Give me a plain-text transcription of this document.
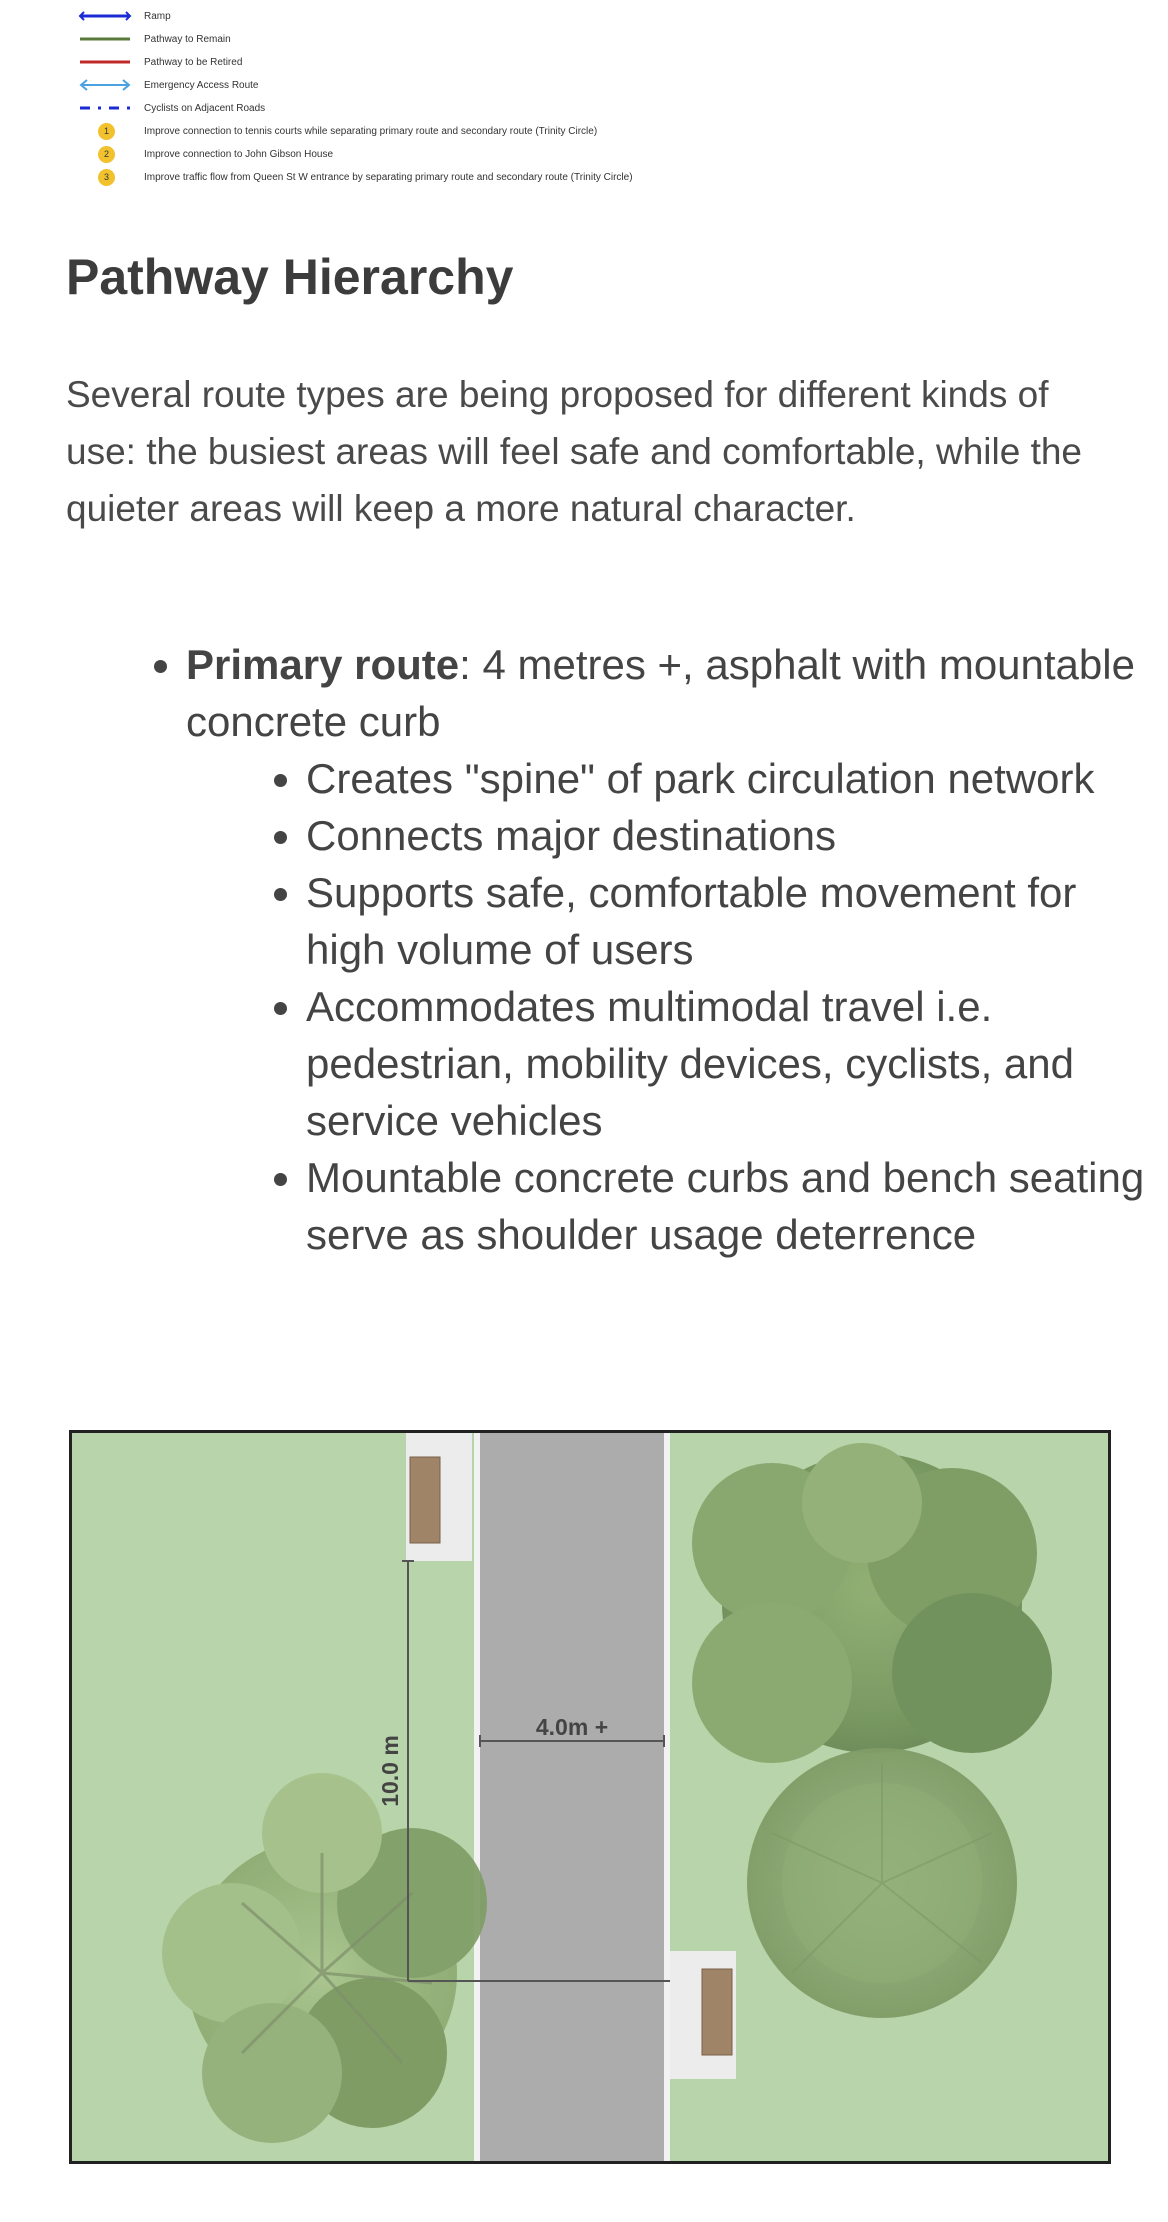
Ramp
Pathway to Remain
Pathway to be Retired
Emergency Access Route
Cyclists on Adjacent Roads
1	Improve connection to tennis courts while separating primary route and secondary route (Trinity Circle)
2	Improve connection to John Gibson House
3	Improve traffic flow from Queen St W entrance by separating primary route and secondary route (Trinity Circle)
Pathway Hierarchy

Several route types are being proposed for different kinds of use: the busiest areas will feel safe and comfortable, while the quieter areas will keep a more natural character.

• Primary route: 4 metres +, asphalt with mountable concrete curb
• Creates "spine" of park circulation network
• Connects major destinations
• Supports safe, comfortable movement for high volume of users
• Accommodates multimodal travel i.e. pedestrian, mobility devices, cyclists, and service vehicles
• Mountable concrete curbs and bench seating serve as shoulder usage deterrence
4.0m +
10.0 m
